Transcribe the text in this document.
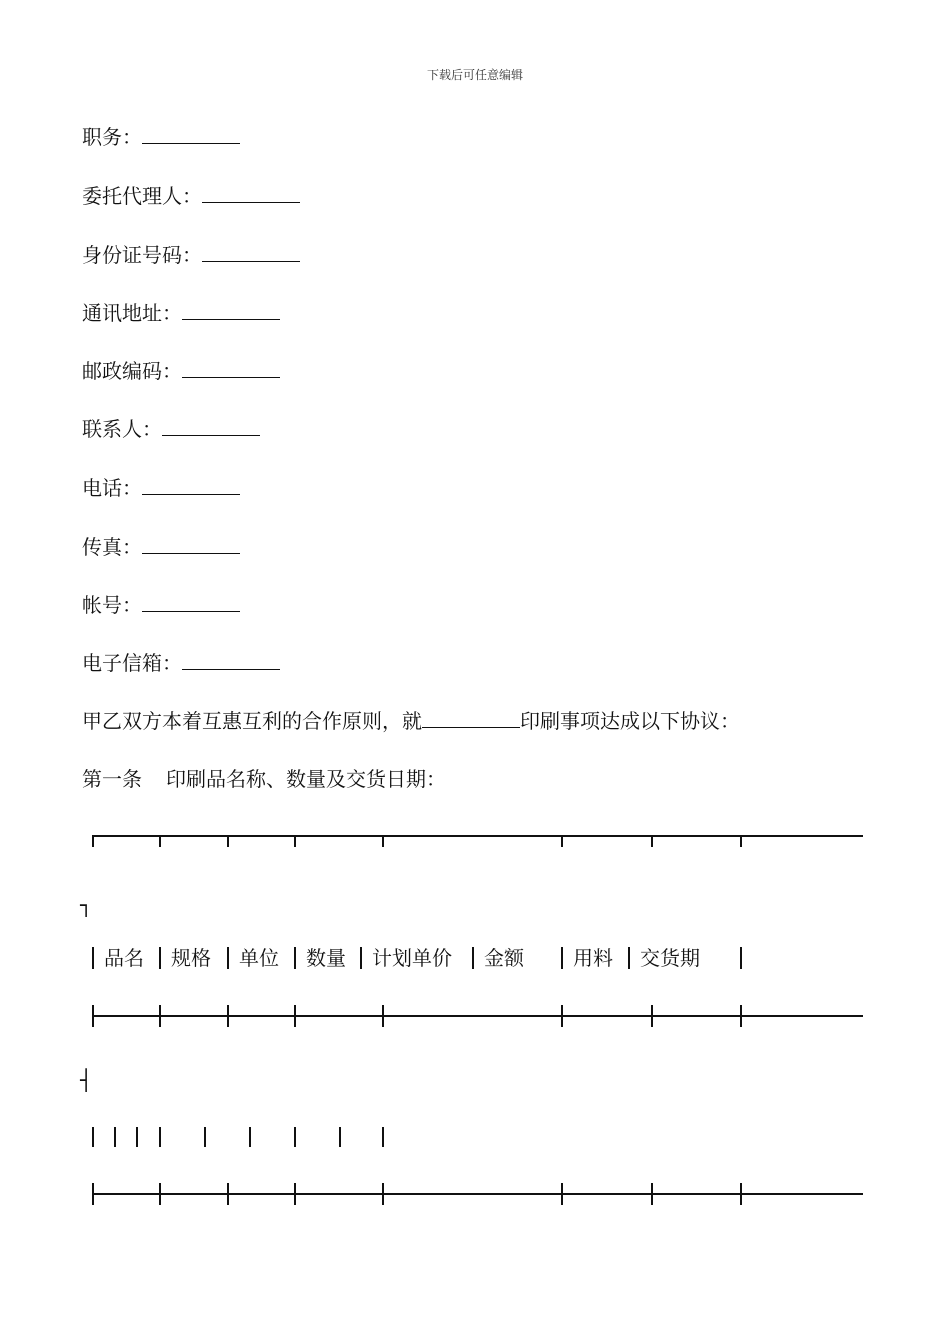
下载后可任意编辑
职务：
委托代理人：
身份证号码：
通讯地址：
邮政编码：
联系人：
电话：
传真：
帐号：
电子信箱：
甲乙双方本着互惠互利的合作原则，就	印刷事项达成以下协议：
第一条 印刷品名称、数量及交货日期：
┐
品名 规格 单位 数量 计划单价 金额 用料 交货期
┤
